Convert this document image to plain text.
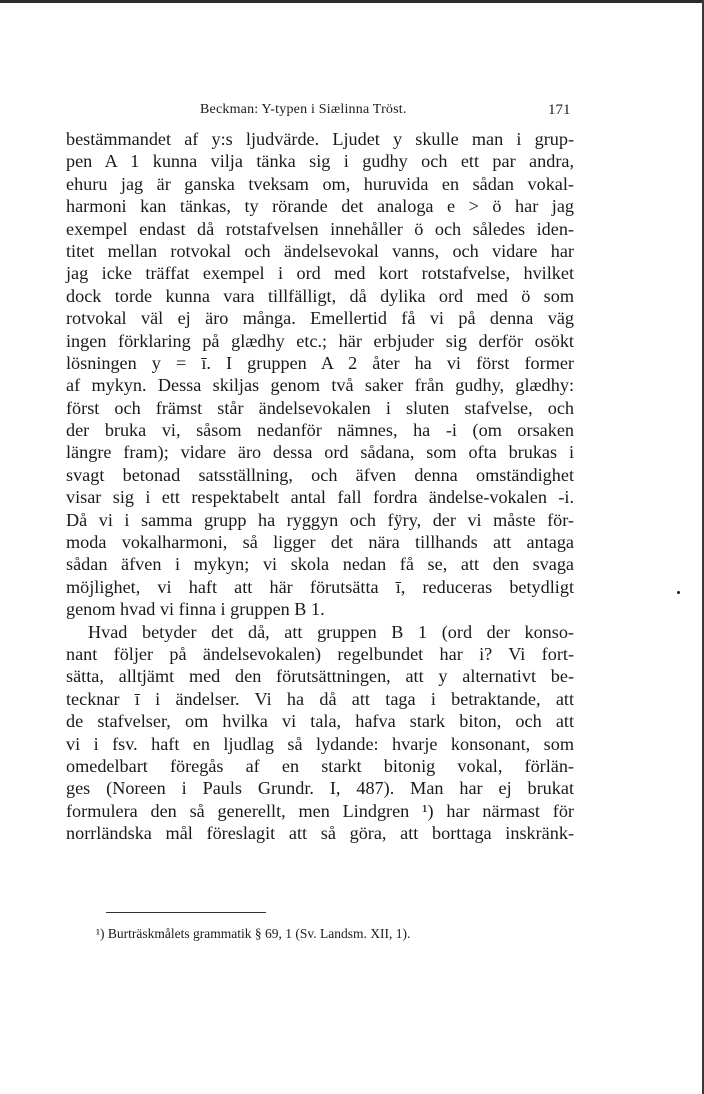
Beckman: Y-typen i Siælinna Tröst.	171
bestämmandet af y:s ljudvärde. Ljudet y skulle man i grup-
pen A 1 kunna vilja tänka sig i gudhy och ett par andra,
ehuru jag är ganska tveksam om, huruvida en sådan vokal-
harmoni kan tänkas, ty rörande det analoga e > ö har jag
exempel endast då rotstafvelsen innehåller ö och således iden-
titet mellan rotvokal och ändelsevokal vanns, och vidare har
jag icke träffat exempel i ord med kort rotstafvelse, hvilket
dock torde kunna vara tillfälligt, då dylika ord med ö som
rotvokal väl ej äro många. Emellertid få vi på denna väg
ingen förklaring på glædhy etc.; här erbjuder sig derför osökt
lösningen y = ī. I gruppen A 2 åter ha vi först former
af mykyn. Dessa skiljas genom två saker från gudhy, glædhy:
först och främst står ändelsevokalen i sluten stafvelse, och
der bruka vi, såsom nedanför nämnes, ha -i (om orsaken
längre fram); vidare äro dessa ord sådana, som ofta brukas i
svagt betonad satsställning, och äfven denna omständighet
visar sig i ett respektabelt antal fall fordra ändelse-vokalen -i.
Då vi i samma grupp ha ryggyn och fÿry, der vi måste för-
moda vokalharmoni, så ligger det nära tillhands att antaga
sådan äfven i mykyn; vi skola nedan få se, att den svaga
möjlighet, vi haft att här förutsätta ī, reduceras betydligt
genom hvad vi finna i gruppen B 1.
Hvad betyder det då, att gruppen B 1 (ord der konso-
nant följer på ändelsevokalen) regelbundet har i? Vi fort-
sätta, alltjämt med den förutsättningen, att y alternativt be-
tecknar ī i ändelser. Vi ha då att taga i betraktande, att
de stafvelser, om hvilka vi tala, hafva stark biton, och att
vi i fsv. haft en ljudlag så lydande: hvarje konsonant, som
omedelbart föregås af en starkt bitonig vokal, förlän-
ges (Noreen i Pauls Grundr. I, 487). Man har ej brukat
formulera den så generellt, men Lindgren ¹) har närmast för
norrländska mål föreslagit att så göra, att borttaga inskränk-
¹) Burträskmålets grammatik § 69, 1 (Sv. Landsm. XII, 1).
